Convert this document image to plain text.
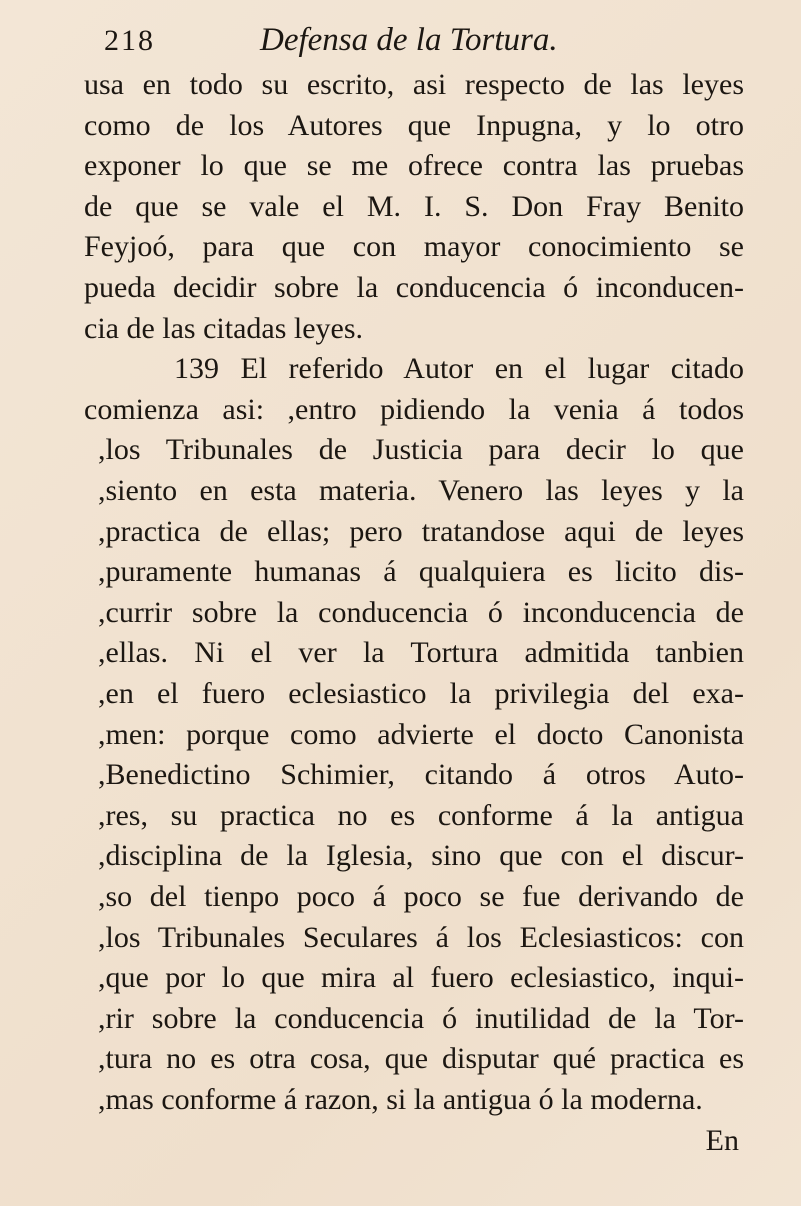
218	Defensa de la Tortura.
usa en todo su escrito, asi respecto de las leyes
como de los Autores que Inpugna, y lo otro
exponer lo que se me ofrece contra las pruebas
de que se vale el M. I. S. Don Fray Benito
Feyjoó, para que con mayor conocimiento se
pueda decidir sobre la conducencia ó inconducen-
cia de las citadas leyes.
139 El referido Autor en el lugar citado
comienza asi: ,entro pidiendo la venia á todos
,los Tribunales de Justicia para decir lo que
,siento en esta materia. Venero las leyes y la
,practica de ellas; pero tratandose aqui de leyes
,puramente humanas á qualquiera es licito dis-
,currir sobre la conducencia ó inconducencia de
,ellas. Ni el ver la Tortura admitida tanbien
,en el fuero eclesiastico la privilegia del exa-
,men: porque como advierte el docto Canonista
,Benedictino Schimier, citando á otros Auto-
,res, su practica no es conforme á la antigua
,disciplina de la Iglesia, sino que con el discur-
,so del tienpo poco á poco se fue derivando de
,los Tribunales Seculares á los Eclesiasticos: con
,que por lo que mira al fuero eclesiastico, inqui-
,rir sobre la conducencia ó inutilidad de la Tor-
,tura no es otra cosa, que disputar qué practica es
,mas conforme á razon, si la antigua ó la moderna.
En
